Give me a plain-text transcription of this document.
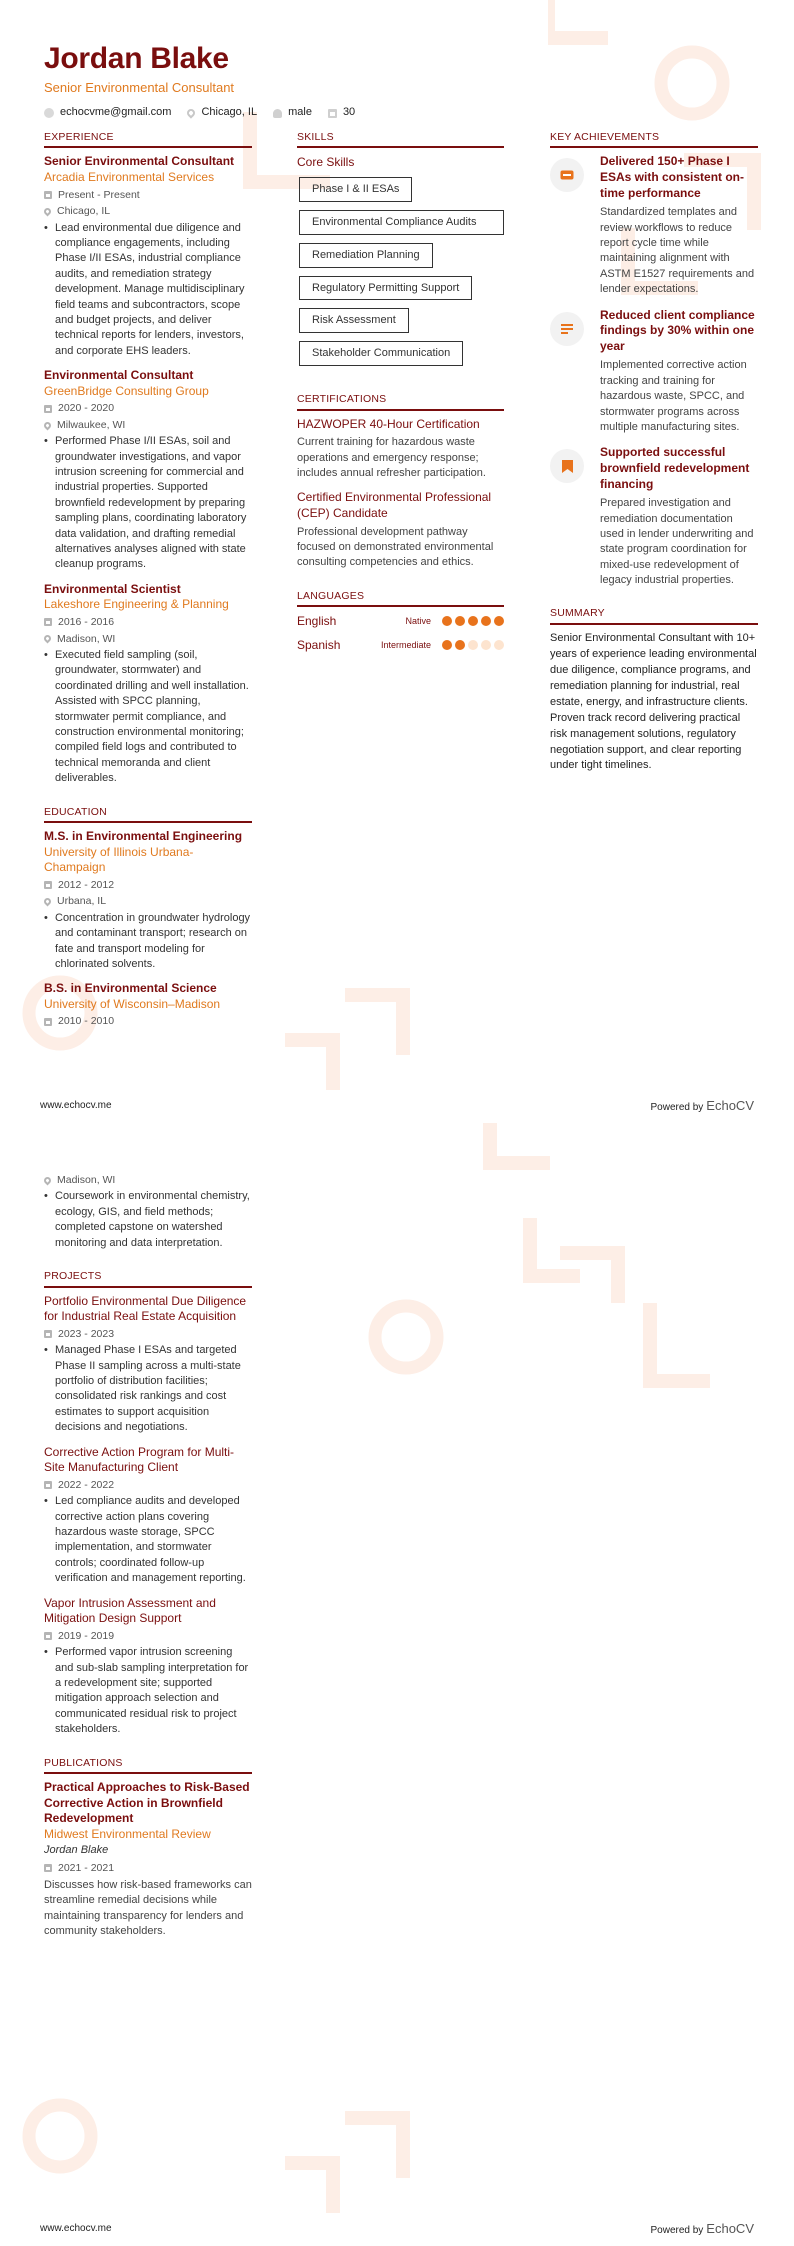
Jordan Blake
Senior Environmental Consultant
echocvme@gmail.com	Chicago, IL	male	30
EXPERIENCE
Senior Environmental Consultant
Arcadia Environmental Services
Present - Present
Chicago, IL
• Lead environmental due diligence and compliance engagements, including Phase I/II ESAs, industrial compliance audits, and remediation strategy development. Manage multidisciplinary field teams and subcontractors, scope and budget projects, and deliver technical reports for lenders, investors, and corporate EHS leaders.
Environmental Consultant
GreenBridge Consulting Group
2020 - 2020
Milwaukee, WI
• Performed Phase I/II ESAs, soil and groundwater investigations, and vapor intrusion screening for commercial and industrial properties. Supported brownfield redevelopment by preparing sampling plans, coordinating laboratory data validation, and drafting remedial alternatives analyses aligned with state cleanup programs.
Environmental Scientist
Lakeshore Engineering & Planning
2016 - 2016
Madison, WI
• Executed field sampling (soil, groundwater, stormwater) and coordinated drilling and well installation. Assisted with SPCC planning, stormwater permit compliance, and construction environmental monitoring; compiled field logs and contributed to technical memoranda and client deliverables.
EDUCATION
M.S. in Environmental Engineering
University of Illinois Urbana-Champaign
2012 - 2012
Urbana, IL
• Concentration in groundwater hydrology and contaminant transport; research on fate and transport modeling for chlorinated solvents.
B.S. in Environmental Science
University of Wisconsin–Madison
2010 - 2010
SKILLS
Core Skills
Phase I & II ESAs Environmental Compliance Audits Remediation Planning Regulatory Permitting Support Risk Assessment Stakeholder Communication
CERTIFICATIONS
HAZWOPER 40-Hour Certification
Current training for hazardous waste operations and emergency response; includes annual refresher participation.
Certified Environmental Professional (CEP) Candidate
Professional development pathway focused on demonstrated environmental consulting competencies and ethics.
LANGUAGES
English	Native
Spanish	Intermediate
KEY ACHIEVEMENTS
Delivered 150+ Phase I ESAs with consistent on-time performance
Standardized templates and review workflows to reduce report cycle time while maintaining alignment with ASTM E1527 requirements and lender expectations.
Reduced client compliance findings by 30% within one year
Implemented corrective action tracking and training for hazardous waste, SPCC, and stormwater programs across multiple manufacturing sites.
Supported successful brownfield redevelopment financing
Prepared investigation and remediation documentation used in lender underwriting and state program coordination for mixed-use redevelopment of legacy industrial properties.
SUMMARY
Senior Environmental Consultant with 10+ years of experience leading environmental due diligence, compliance programs, and remediation planning for industrial, real estate, energy, and infrastructure clients. Proven track record delivering practical risk management solutions, regulatory negotiation support, and clear reporting under tight timelines.
www.echocv.me	Powered by EchoCV
Madison, WI
• Coursework in environmental chemistry, ecology, GIS, and field methods; completed capstone on watershed monitoring and data interpretation.
PROJECTS
Portfolio Environmental Due Diligence for Industrial Real Estate Acquisition
2023 - 2023
• Managed Phase I ESAs and targeted Phase II sampling across a multi-state portfolio of distribution facilities; consolidated risk rankings and cost estimates to support acquisition decisions and negotiations.
Corrective Action Program for Multi-Site Manufacturing Client
2022 - 2022
• Led compliance audits and developed corrective action plans covering hazardous waste storage, SPCC implementation, and stormwater controls; coordinated follow-up verification and management reporting.
Vapor Intrusion Assessment and Mitigation Design Support
2019 - 2019
• Performed vapor intrusion screening and sub-slab sampling interpretation for a redevelopment site; supported mitigation approach selection and communicated residual risk to project stakeholders.
PUBLICATIONS
Practical Approaches to Risk-Based Corrective Action in Brownfield Redevelopment
Midwest Environmental Review
Jordan Blake
2021 - 2021
Discusses how risk-based frameworks can streamline remedial decisions while maintaining transparency for lenders and community stakeholders.
www.echocv.me	Powered by EchoCV
